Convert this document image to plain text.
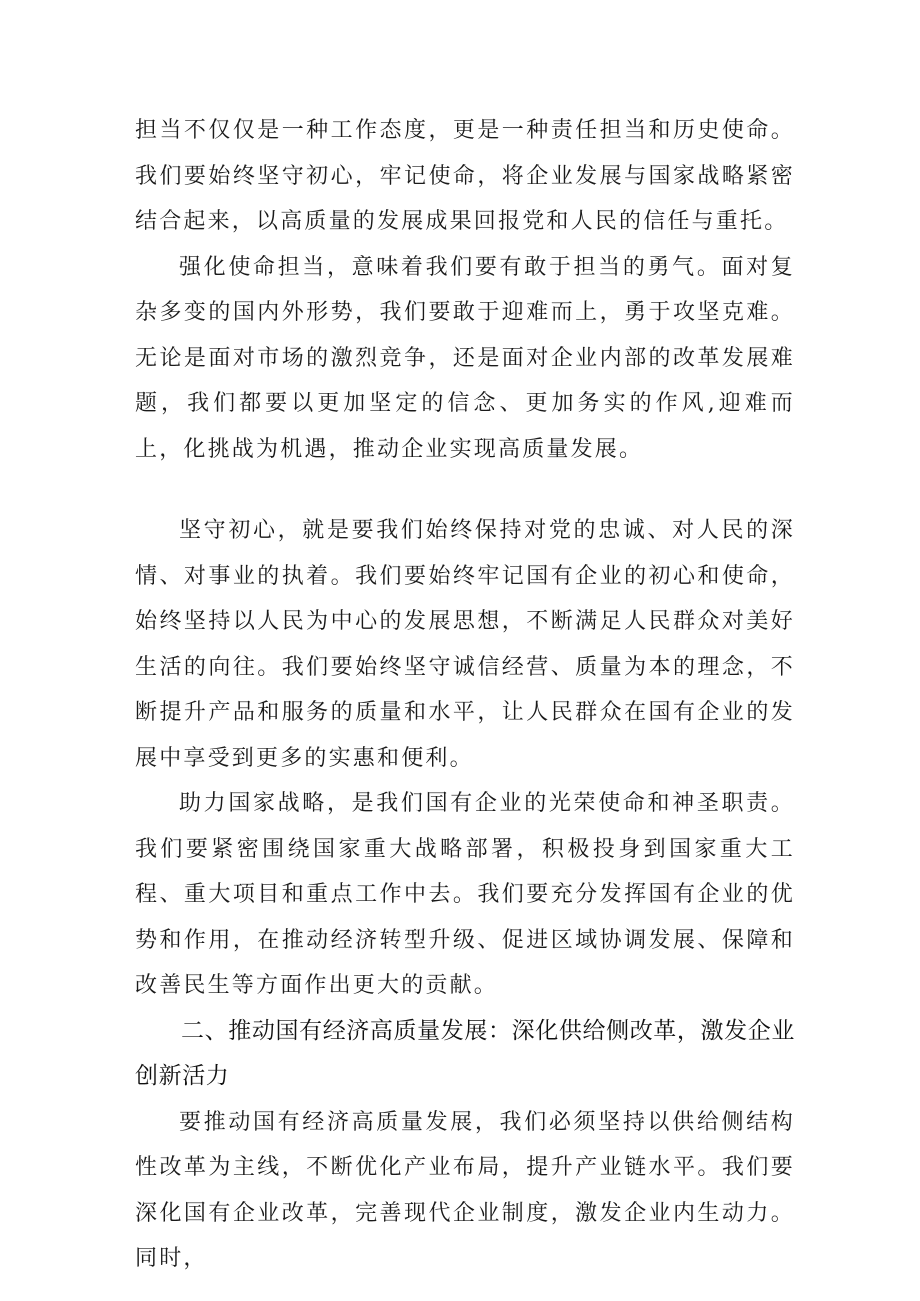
担当不仅仅是一种工作态度，更是一种责任担当和历史使命。我们要始终坚守初心，牢记使命，将企业发展与国家战略紧密结合起来，以高质量的发展成果回报党和人民的信任与重托。

强化使命担当，意味着我们要有敢于担当的勇气。面对复杂多变的国内外形势，我们要敢于迎难而上，勇于攻坚克难。无论是面对市场的激烈竞争，还是面对企业内部的改革发展难题，我们都要以更加坚定的信念、更加务实的作风,迎难而上，化挑战为机遇，推动企业实现高质量发展。

坚守初心，就是要我们始终保持对党的忠诚、对人民的深情、对事业的执着。我们要始终牢记国有企业的初心和使命，始终坚持以人民为中心的发展思想，不断满足人民群众对美好生活的向往。我们要始终坚守诚信经营、质量为本的理念，不断提升产品和服务的质量和水平，让人民群众在国有企业的发展中享受到更多的实惠和便利。

助力国家战略，是我们国有企业的光荣使命和神圣职责。我们要紧密围绕国家重大战略部署，积极投身到国家重大工程、重大项目和重点工作中去。我们要充分发挥国有企业的优势和作用，在推动经济转型升级、促进区域协调发展、保障和改善民生等方面作出更大的贡献。

二、推动国有经济高质量发展：深化供给侧改革，激发企业创新活力

要推动国有经济高质量发展，我们必须坚持以供给侧结构性改革为主线，不断优化产业布局，提升产业链水平。我们要深化国有企业改革，完善现代企业制度，激发企业内生动力。同时，
